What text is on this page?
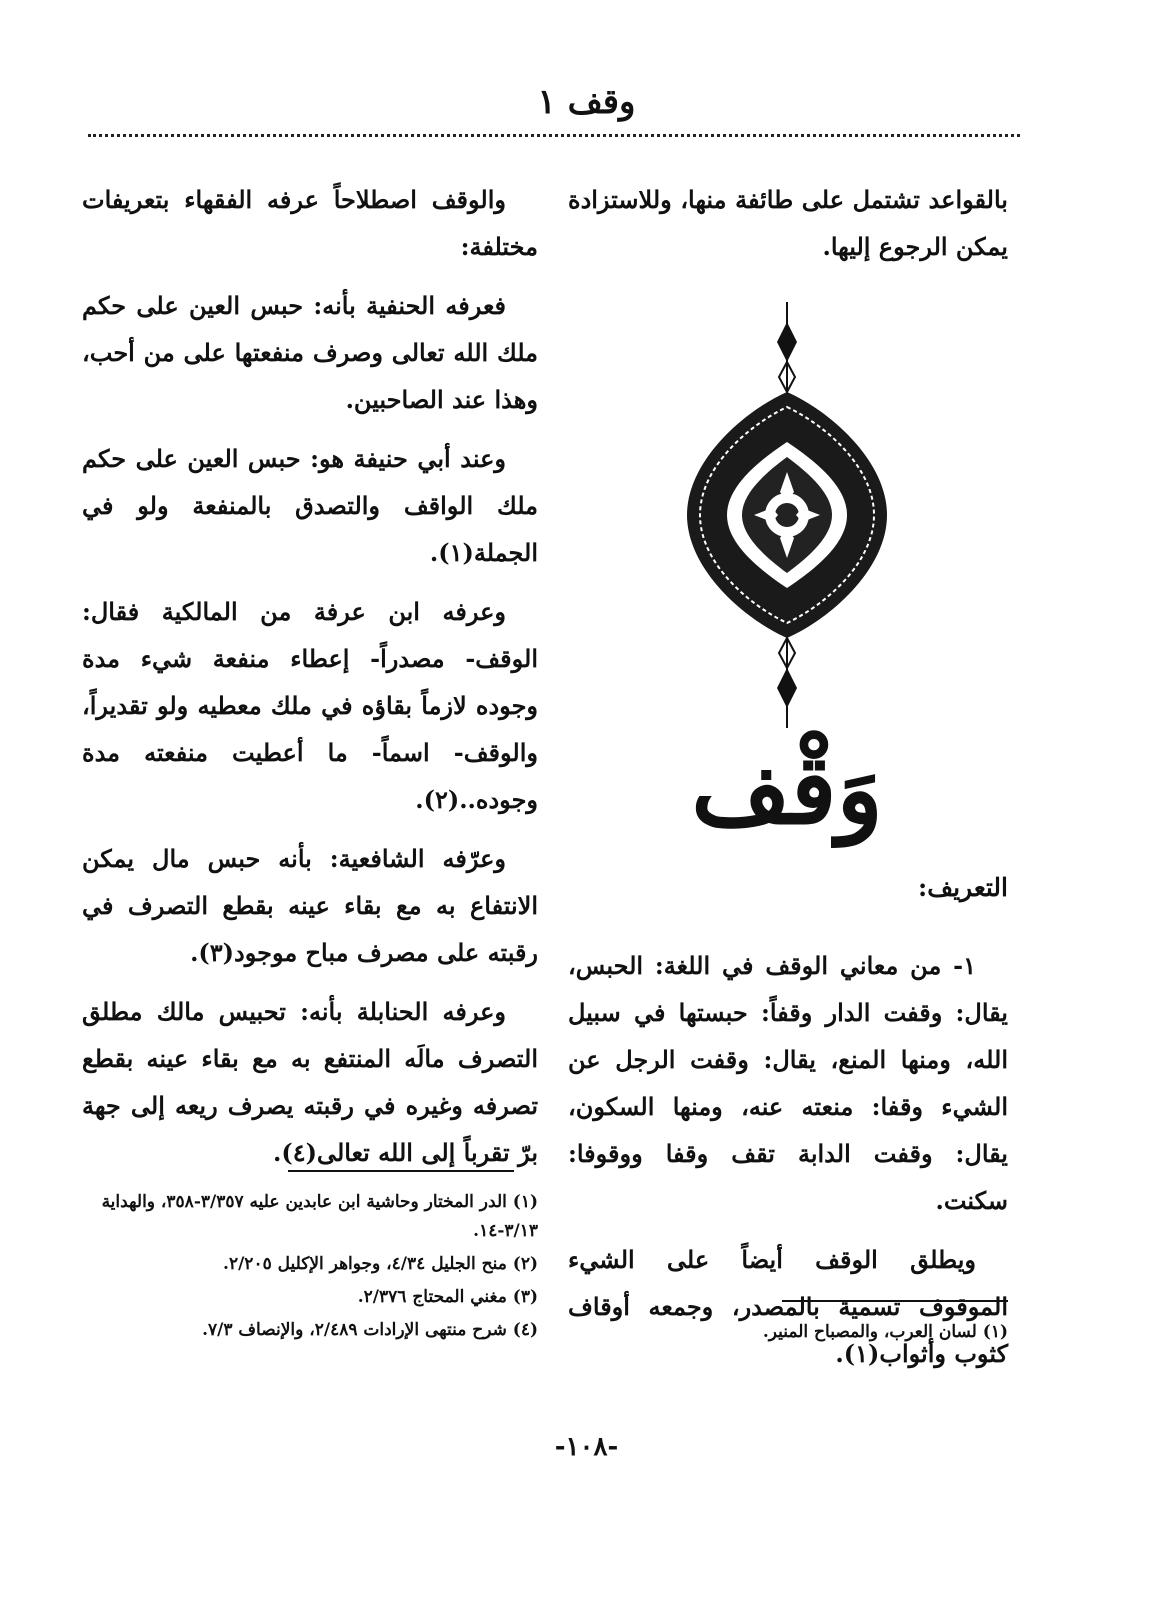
وقف ١

بالقواعد تشتمل على طائفة منها، وللاستزادة يمكن الرجوع إليها.

وَقْف
التعريف:

١- من معاني الوقف في اللغة: الحبس، يقال: وقفت الدار وقفاً: حبستها في سبيل الله، ومنها المنع، يقال: وقفت الرجل عن الشيء وقفا: منعته عنه، ومنها السكون، يقال: وقفت الدابة تقف وقفا ووقوفا: سكنت.

ويطلق الوقف أيضاً على الشيء الموقوف تسمية بالمصدر، وجمعه أوقاف كثوب وأثواب(١).

(١) لسان العرب، والمصباح المنير.

والوقف اصطلاحاً عرفه الفقهاء بتعريفات مختلفة:

فعرفه الحنفية بأنه: حبس العين على حكم ملك الله تعالى وصرف منفعتها على من أحب، وهذا عند الصاحبين.

وعند أبي حنيفة هو: حبس العين على حكم ملك الواقف والتصدق بالمنفعة ولو في الجملة(١).

وعرفه ابن عرفة من المالكية فقال: الوقف- مصدراً- إعطاء منفعة شيء مدة وجوده لازماً بقاؤه في ملك معطيه ولو تقديراً، والوقف- اسماً- ما أعطيت منفعته مدة وجوده..(٢).

وعرّفه الشافعية: بأنه حبس مال يمكن الانتفاع به مع بقاء عينه بقطع التصرف في رقبته على مصرف مباح موجود(٣).

وعرفه الحنابلة بأنه: تحبيس مالك مطلق التصرف مالَه المنتفع به مع بقاء عينه بقطع تصرفه وغيره في رقبته يصرف ريعه إلى جهة برّ تقرباً إلى الله تعالى(٤).

(١) الدر المختار وحاشية ابن عابدين عليه ٣/٣٥٧-٣٥٨، والهداية ٣/١٣-١٤.
(٢) منح الجليل ٤/٣٤، وجواهر الإكليل ٢/٢٠٥.
(٣) مغني المحتاج ٢/٣٧٦.
(٤) شرح منتهى الإرادات ٢/٤٨٩، والإنصاف ٧/٣.
-١٠٨-
